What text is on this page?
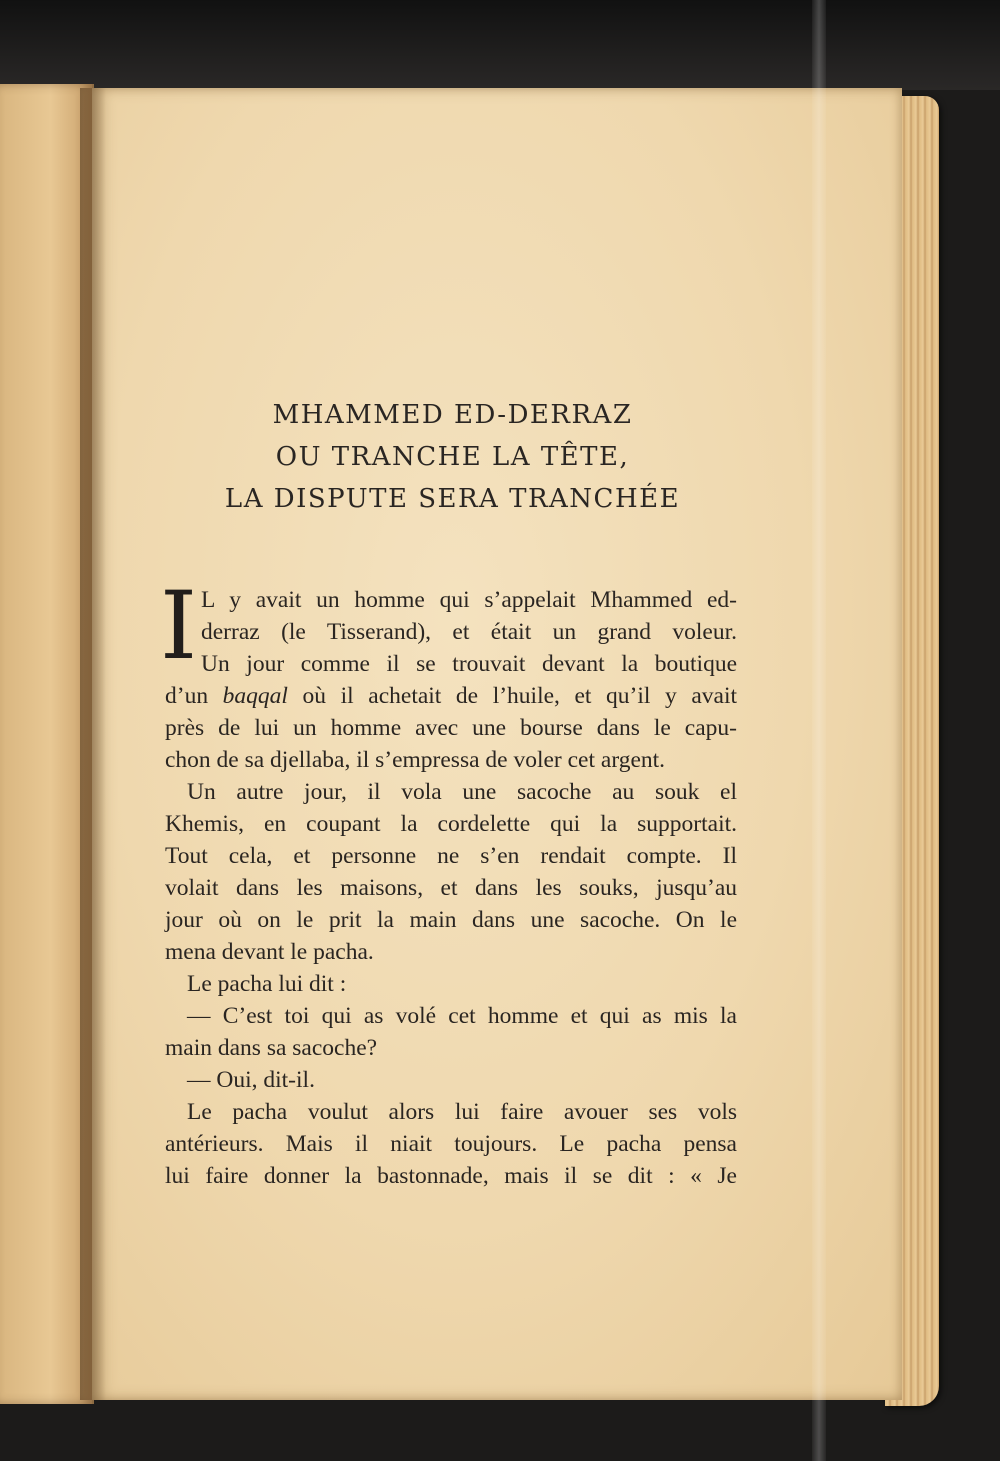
MHAMMED ED-DERRAZ
OU TRANCHE LA TÊTE,
LA DISPUTE SERA TRANCHÉE
I L y avait un homme qui s’appelait Mhammed ed-
derraz (le Tisserand), et était un grand voleur.
Un jour comme il se trouvait devant la boutique
d’un baqqal où il achetait de l’huile, et qu’il y avait
près de lui un homme avec une bourse dans le capu-
chon de sa djellaba, il s’empressa de voler cet argent.
Un autre jour, il vola une sacoche au souk el
Khemis, en coupant la cordelette qui la supportait.
Tout cela, et personne ne s’en rendait compte. Il
volait dans les maisons, et dans les souks, jusqu’au
jour où on le prit la main dans une sacoche. On le
mena devant le pacha.
Le pacha lui dit :
— C’est toi qui as volé cet homme et qui as mis la
main dans sa sacoche?
— Oui, dit-il.
Le pacha voulut alors lui faire avouer ses vols
antérieurs. Mais il niait toujours. Le pacha pensa
lui faire donner la bastonnade, mais il se dit : « Je
